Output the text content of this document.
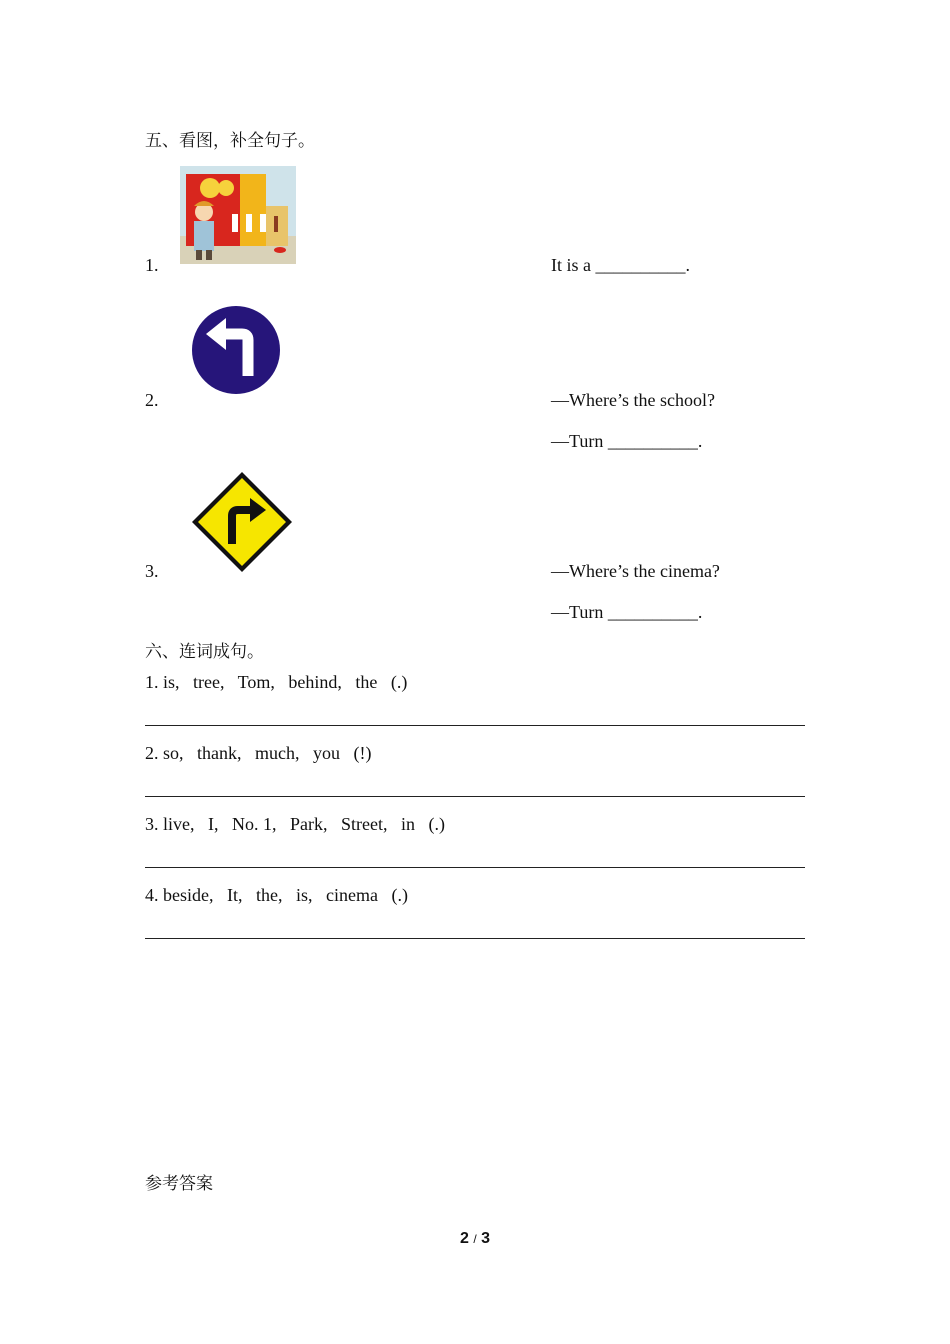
五、看图，补全句子。
1.	It is a __________.
2.	—Where’s the school?
—Turn __________.
3.	—Where’s the cinema?
—Turn __________.
六、连词成句。
1. is,   tree,   Tom,   behind,   the   (.)
2. so,   thank,   much,   you   (!)
3. live,   I,   No. 1,   Park,   Street,   in   (.)
4. beside,   It,   the,   is,   cinema   (.)
参考答案
2 / 3
